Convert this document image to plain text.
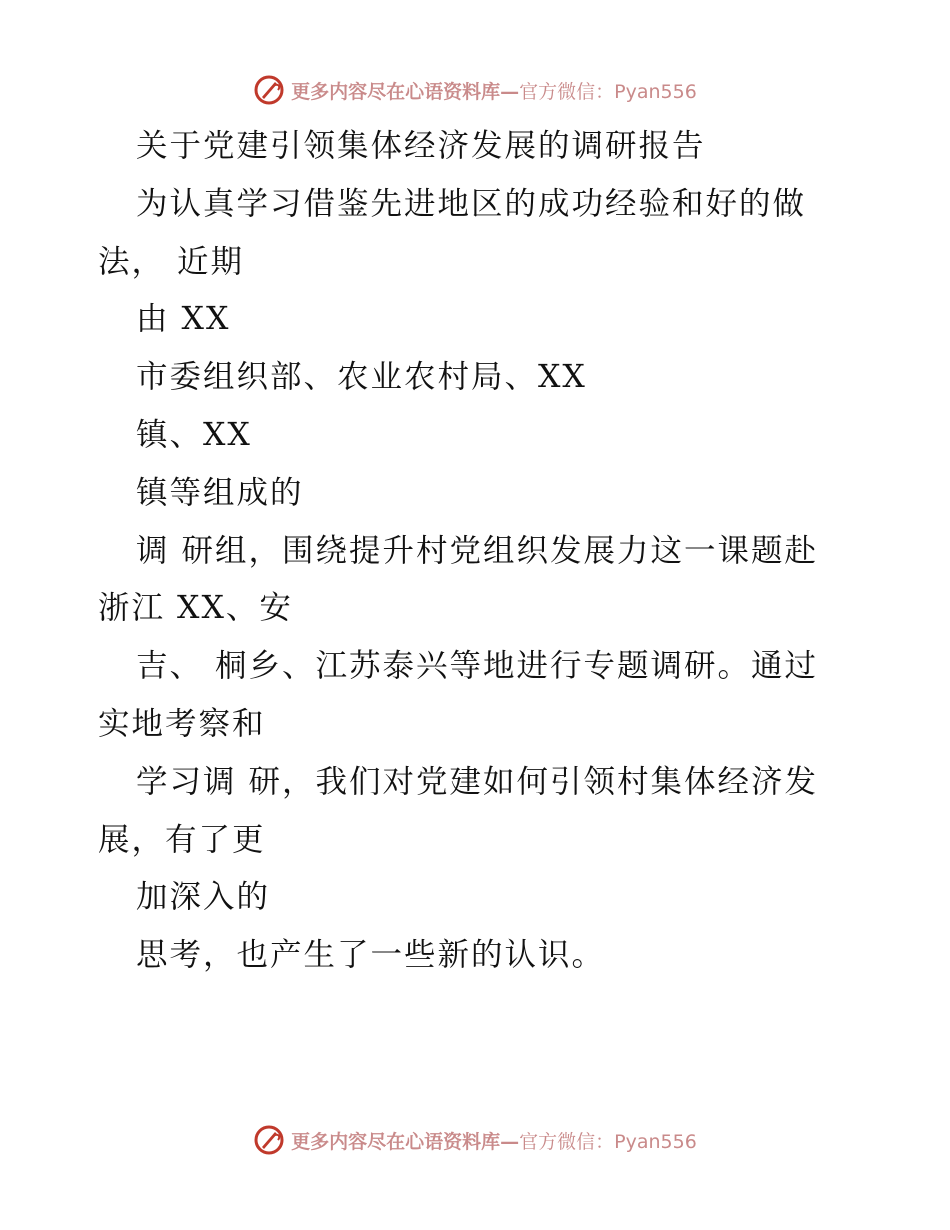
更多内容尽在心语资料库—官方微信：Pyan556
关于党建引领集体经济发展的调研报告
为认真学习借鉴先进地区的成功经验和好的做
法， 近期
由 XX
市委组织部、农业农村局、XX
镇、XX
镇等组成的
调 研组，围绕提升村党组织发展力这一课题赴
浙江 XX、安
吉、 桐乡、江苏泰兴等地进行专题调研。通过
实地考察和
学习调 研，我们对党建如何引领村集体经济发
展，有了更
加深入的
思考，也产生了一些新的认识。
更多内容尽在心语资料库—官方微信：Pyan556
